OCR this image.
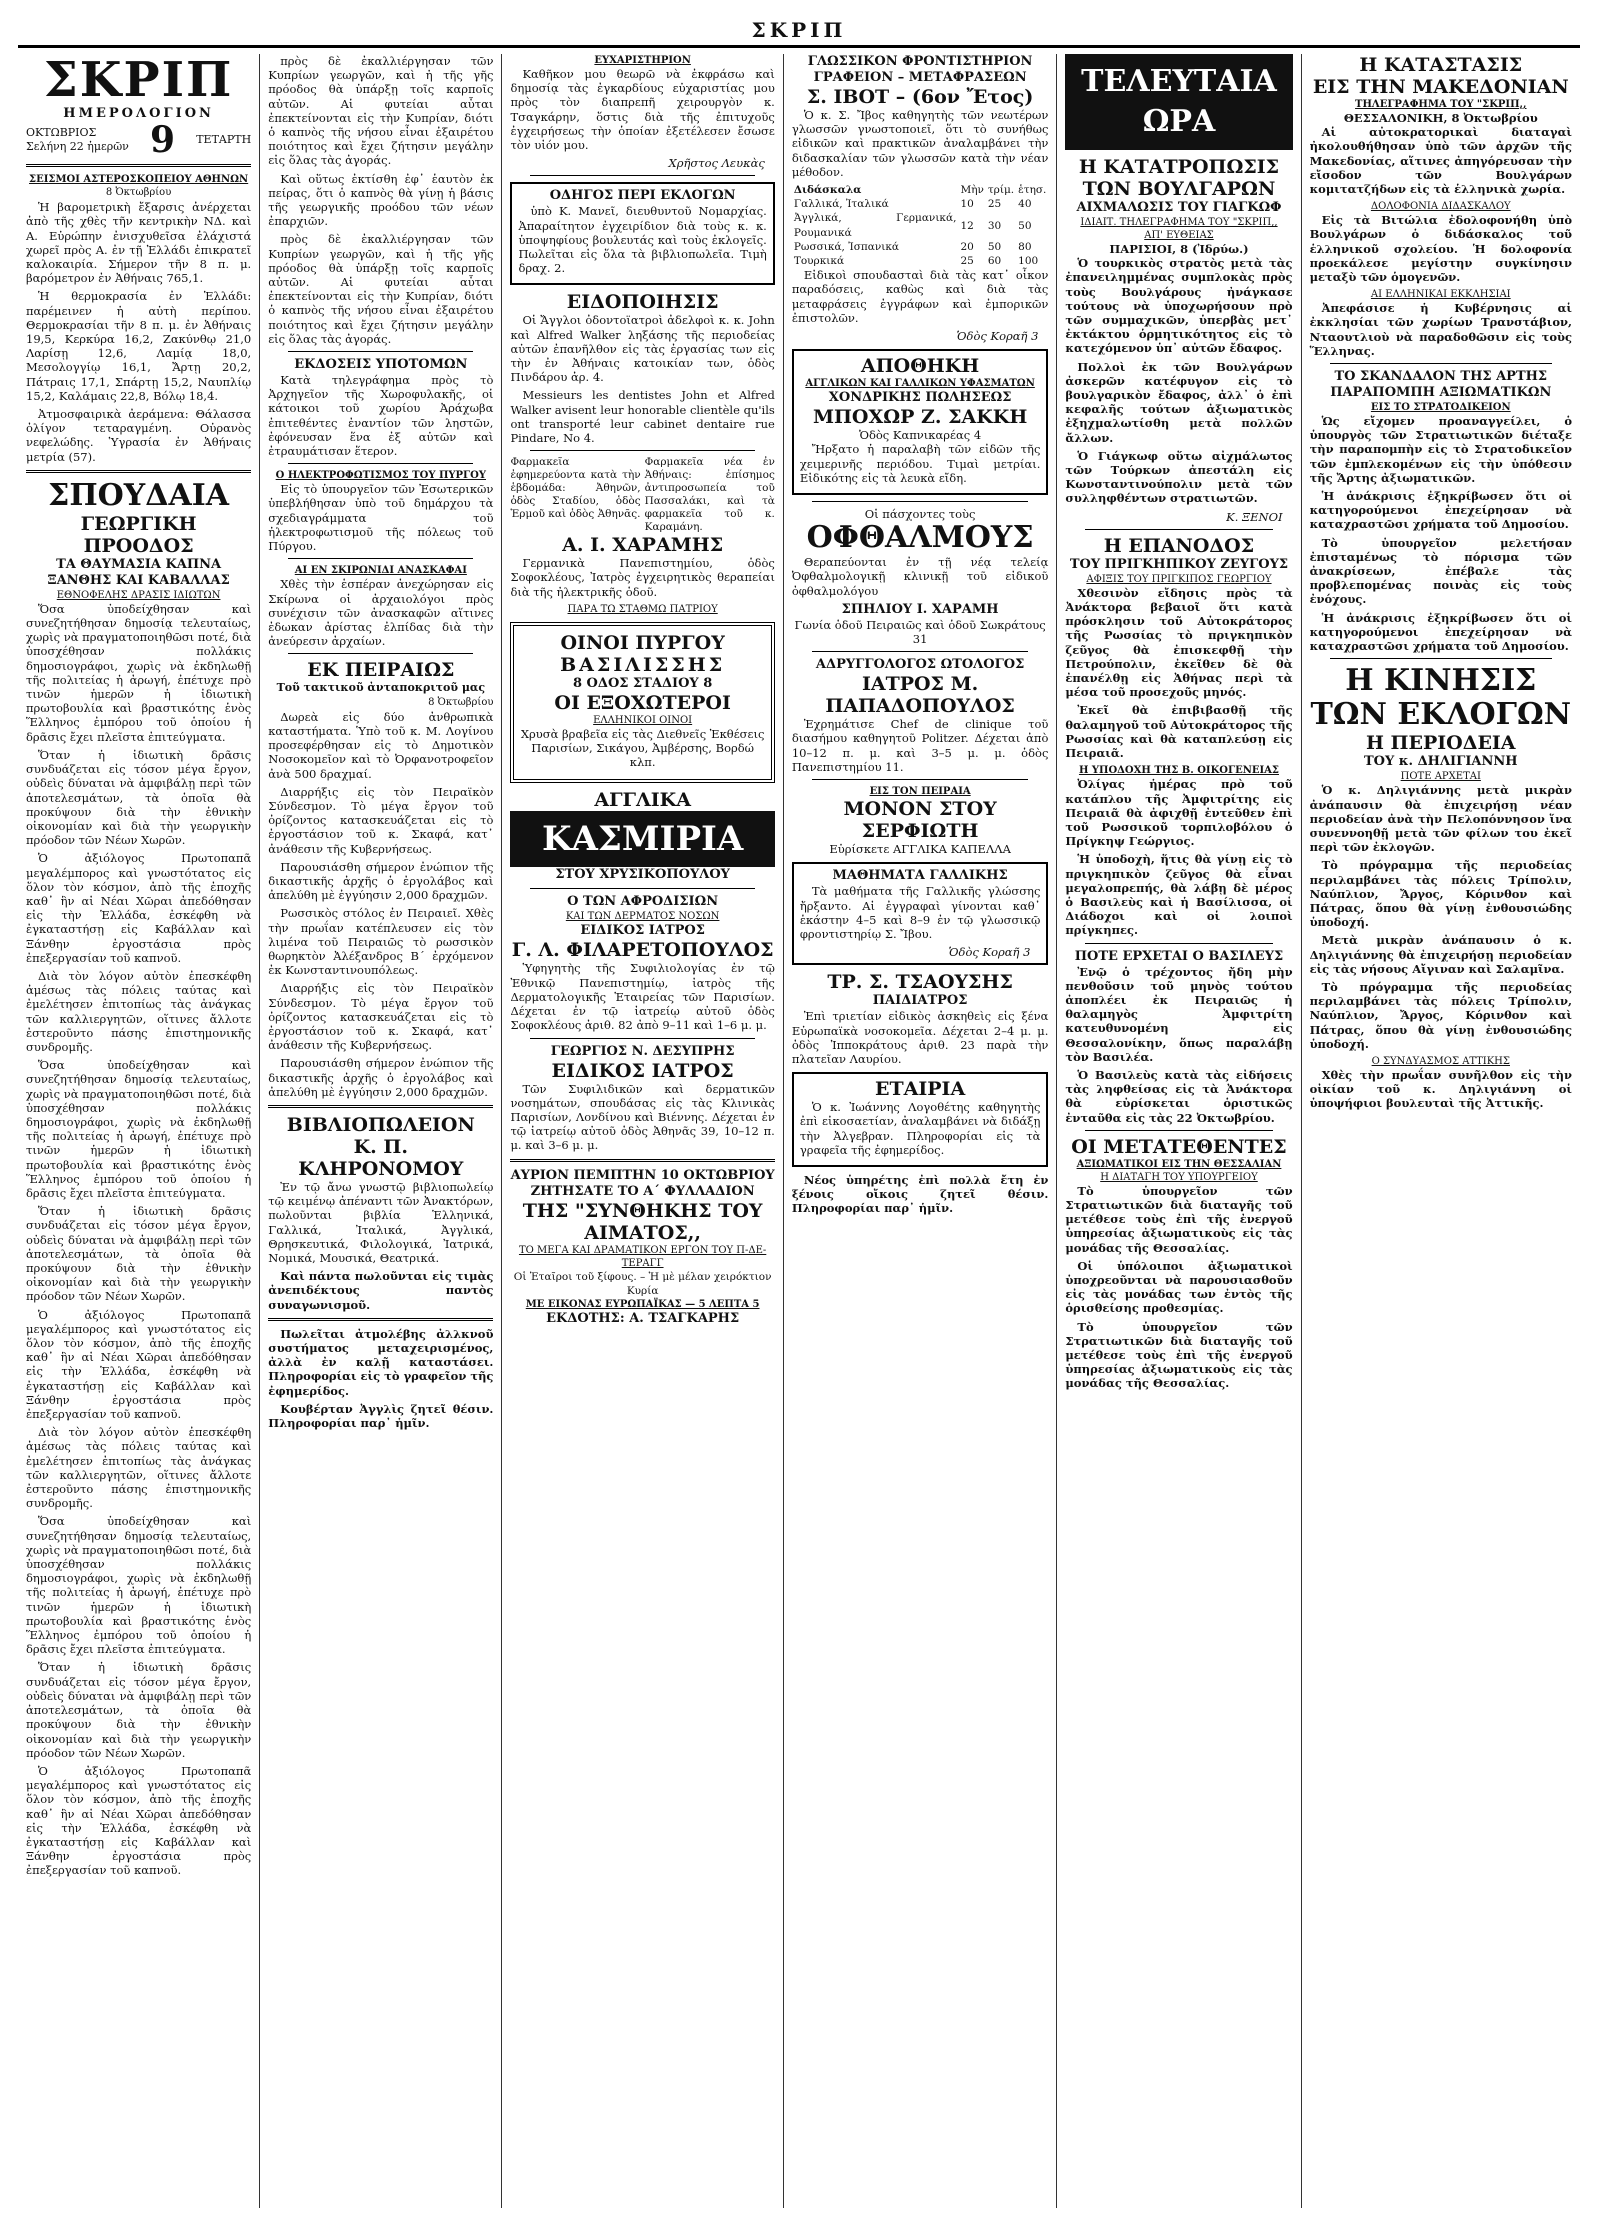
ΣΚΡΙΠ
ΣΚΡΙΠ
ΗΜΕΡΟΛΟΓΙΟΝ
ΟΚΤΩΒΡΙΟΣ
Σελήνη 22 ἡμερῶν 9 ΤΕΤΑΡΤΗ
ΣΕΙΣΜΟΙ ΑΣΤΕΡΟΣΚΟΠΕΙΟΥ ΑΘΗΝΩΝ
8 Ὀκτωβρίου

Ἡ βαρομετρικὴ ἔξαρσις ἀνέρχεται ἀπὸ τῆς χθὲς τῆν κεντρικὴν ΝΔ. καὶ Α. Εὐρώπην ἐνισχυθεῖσα ἐλάχιστά χωρεῖ πρὸς Α. ἐν τῇ Ἑλλάδι ἐπικρατεῖ καλοκαιρία. Σήμερον τῆν 8 π. μ. βαρόμετρον ἐν Ἀθήναις 765,1.

Ἡ θερμοκρασία ἐν Ἑλλάδι: παρέμεινεν ἡ αὐτὴ περίπου. Θερμοκρασίαι τῆν 8 π. μ. ἐν Ἀθήναις 19,5, Κερκύρα 16,2, Ζακύνθῳ 21,0 Λαρίσῃ 12,6, Λαμίᾳ 18,0, Μεσολογγίῳ 16,1, Ἄρτῃ 20,2, Πάτραις 17,1, Σπάρτῃ 15,2, Ναυπλίῳ 15,2, Καλάμαις 22,8, Βόλῳ 18,4.

Ἀτμοσφαιρικὰ ἀεράμενα: Θάλασσα ὀλίγον τεταραγμένη. Οὐρανὸς νεφελώδης. Ὑγρασία ἐν Ἀθήναις μετρία (57).

ΣΠΟΥΔΑΙΑ
ΓΕΩΡΓΙΚΗ ΠΡΟΟΔΟΣ
ΤΑ ΘΑΥΜΑΣΙΑ ΚΑΠΝΑ
ΞΑΝΘΗΣ ΚΑΙ ΚΑΒΑΛΛΑΣ
ΕΘΝΟΦΕΛΗΣ ΔΡΑΣΙΣ ΙΔΙΩΤΩΝ

Ὅσα ὑποδείχθησαν καὶ συνεζητήθησαν δημοσίᾳ τελευταίως, χωρὶς νὰ πραγματοποιηθῶσι ποτέ, διὰ ὑποσχέθησαν πολλάκις δημοσιογράφοι, χωρὶς νὰ ἐκδηλωθῇ τῆς πολιτείας ἡ ἀρωγή, ἐπέτυχε πρὸ τινῶν ἡμερῶν ἡ ἰδιωτικὴ πρωτοβουλία καὶ βραστικότης ἑνὸς Ἕλληνος ἐμπόρου τοῦ ὁποίου ἡ δρᾶσις ἔχει πλεῖστα ἐπιτεύγματα.

Ὅταν ἡ ἰδιωτικὴ δρᾶσις συνδυάζεται εἰς τόσον μέγα ἔργον, οὐδεὶς δύναται νὰ ἀμφιβάλῃ περὶ τῶν ἀποτελεσμάτων, τὰ ὁποῖα θὰ προκύψουν διὰ τὴν ἐθνικὴν οἰκονομίαν καὶ διὰ τὴν γεωργικὴν πρόοδον τῶν Νέων Χωρῶν.

Ὁ ἀξιόλογος Πρωτοπαπᾶ μεγαλέμπορος καὶ γνωστότατος εἰς ὅλον τὸν κόσμον, ἀπὸ τῆς ἐποχῆς καθ᾿ ἣν αἱ Νέαι Χῶραι ἀπεδόθησαν εἰς τὴν Ἑλλάδα, ἐσκέφθη νὰ ἐγκαταστήσῃ εἰς Καβάλλαν καὶ Ξάνθην ἐργοστάσια πρὸς ἐπεξεργασίαν τοῦ καπνοῦ.

Διὰ τὸν λόγον αὐτὸν ἐπεσκέφθη ἀμέσως τὰς πόλεις ταύτας καὶ ἐμελέτησεν ἐπιτοπίως τὰς ἀνάγκας τῶν καλλιεργητῶν, οἵτινες ἄλλοτε ἐστεροῦντο πάσης ἐπιστημονικῆς συνδρομῆς.

Ὅσα ὑποδείχθησαν καὶ συνεζητήθησαν δημοσίᾳ τελευταίως, χωρὶς νὰ πραγματοποιηθῶσι ποτέ, διὰ ὑποσχέθησαν πολλάκις δημοσιογράφοι, χωρὶς νὰ ἐκδηλωθῇ τῆς πολιτείας ἡ ἀρωγή, ἐπέτυχε πρὸ τινῶν ἡμερῶν ἡ ἰδιωτικὴ πρωτοβουλία καὶ βραστικότης ἑνὸς Ἕλληνος ἐμπόρου τοῦ ὁποίου ἡ δρᾶσις ἔχει πλεῖστα ἐπιτεύγματα.

Ὅταν ἡ ἰδιωτικὴ δρᾶσις συνδυάζεται εἰς τόσον μέγα ἔργον, οὐδεὶς δύναται νὰ ἀμφιβάλῃ περὶ τῶν ἀποτελεσμάτων, τὰ ὁποῖα θὰ προκύψουν διὰ τὴν ἐθνικὴν οἰκονομίαν καὶ διὰ τὴν γεωργικὴν πρόοδον τῶν Νέων Χωρῶν.

Ὁ ἀξιόλογος Πρωτοπαπᾶ μεγαλέμπορος καὶ γνωστότατος εἰς ὅλον τὸν κόσμον, ἀπὸ τῆς ἐποχῆς καθ᾿ ἣν αἱ Νέαι Χῶραι ἀπεδόθησαν εἰς τὴν Ἑλλάδα, ἐσκέφθη νὰ ἐγκαταστήσῃ εἰς Καβάλλαν καὶ Ξάνθην ἐργοστάσια πρὸς ἐπεξεργασίαν τοῦ καπνοῦ.

Διὰ τὸν λόγον αὐτὸν ἐπεσκέφθη ἀμέσως τὰς πόλεις ταύτας καὶ ἐμελέτησεν ἐπιτοπίως τὰς ἀνάγκας τῶν καλλιεργητῶν, οἵτινες ἄλλοτε ἐστεροῦντο πάσης ἐπιστημονικῆς συνδρομῆς.

Ὅσα ὑποδείχθησαν καὶ συνεζητήθησαν δημοσίᾳ τελευταίως, χωρὶς νὰ πραγματοποιηθῶσι ποτέ, διὰ ὑποσχέθησαν πολλάκις δημοσιογράφοι, χωρὶς νὰ ἐκδηλωθῇ τῆς πολιτείας ἡ ἀρωγή, ἐπέτυχε πρὸ τινῶν ἡμερῶν ἡ ἰδιωτικὴ πρωτοβουλία καὶ βραστικότης ἑνὸς Ἕλληνος ἐμπόρου τοῦ ὁποίου ἡ δρᾶσις ἔχει πλεῖστα ἐπιτεύγματα.

Ὅταν ἡ ἰδιωτικὴ δρᾶσις συνδυάζεται εἰς τόσον μέγα ἔργον, οὐδεὶς δύναται νὰ ἀμφιβάλῃ περὶ τῶν ἀποτελεσμάτων, τὰ ὁποῖα θὰ προκύψουν διὰ τὴν ἐθνικὴν οἰκονομίαν καὶ διὰ τὴν γεωργικὴν πρόοδον τῶν Νέων Χωρῶν.

Ὁ ἀξιόλογος Πρωτοπαπᾶ μεγαλέμπορος καὶ γνωστότατος εἰς ὅλον τὸν κόσμον, ἀπὸ τῆς ἐποχῆς καθ᾿ ἣν αἱ Νέαι Χῶραι ἀπεδόθησαν εἰς τὴν Ἑλλάδα, ἐσκέφθη νὰ ἐγκαταστήσῃ εἰς Καβάλλαν καὶ Ξάνθην ἐργοστάσια πρὸς ἐπεξεργασίαν τοῦ καπνοῦ.

πρὸς δὲ ἐκαλλιέργησαν τῶν Κυπρίων γεωργῶν, καὶ ἡ τῆς γῆς πρόοδος θὰ ὑπάρξῃ τοῖς καρποῖς αὐτῶν. Αἱ φυτείαι αὗται ἐπεκτείνονται εἰς τὴν Κυπρίαν, διότι ὁ καπνὸς τῆς νήσου εἶναι ἐξαιρέτου ποιότητος καὶ ἔχει ζήτησιν μεγάλην εἰς ὅλας τὰς ἀγοράς.

Καὶ οὕτως ἐκτίσθη ἐφ᾿ ἑαυτὸν ἐκ πείρας, ὅτι ὁ καπνὸς θὰ γίνῃ ἡ βάσις τῆς γεωργικῆς προόδου τῶν νέων ἐπαρχιῶν.

πρὸς δὲ ἐκαλλιέργησαν τῶν Κυπρίων γεωργῶν, καὶ ἡ τῆς γῆς πρόοδος θὰ ὑπάρξῃ τοῖς καρποῖς αὐτῶν. Αἱ φυτείαι αὗται ἐπεκτείνονται εἰς τὴν Κυπρίαν, διότι ὁ καπνὸς τῆς νήσου εἶναι ἐξαιρέτου ποιότητος καὶ ἔχει ζήτησιν μεγάλην εἰς ὅλας τὰς ἀγοράς.

ΕΚΔΟΣΕΙΣ ΥΠΟΤΟΜΩΝ

Κατὰ τηλεγράφημα πρὸς τὸ Ἀρχηγεῖον τῆς Χωροφυλακῆς, οἱ κάτοικοι τοῦ χωρίου Ἀράχωβα ἐπιτεθέντες ἐναντίον τῶν ληστῶν, ἐφόνευσαν ἕνα ἐξ αὐτῶν καὶ ἐτραυμάτισαν ἕτερον.

Ο ΗΛΕΚΤΡΟΦΩΤΙΣΜΟΣ ΤΟΥ ΠΥΡΓΟΥ

Εἰς τὸ ὑπουργεῖον τῶν Ἐσωτερικῶν ὑπεβλήθησαν ὑπὸ τοῦ δημάρχου τὰ σχεδιαγράμματα τοῦ ἠλεκτροφωτισμοῦ τῆς πόλεως τοῦ Πύργου.

ΑΙ ΕΝ ΣΚΙΡΩΝΙΔΙ ΑΝΑΣΚΑΦΑΙ

Χθὲς τὴν ἑσπέραν ἀνεχώρησαν εἰς Σκίρωνα οἱ ἀρχαιολόγοι πρὸς συνέχισιν τῶν ἀνασκαφῶν αἵτινες ἐδωκαν ἀρίστας ἐλπίδας διὰ τὴν ἀνεύρεσιν ἀρχαίων.

ΕΚ ΠΕΙΡΑΙΩΣ
Τοῦ τακτικοῦ ἀνταποκριτοῦ μας
8 Ὀκτωβρίου

Δωρεὰ εἰς δύο ἀνθρωπικὰ καταστήματα. Ὑπὸ τοῦ κ. Μ. Λογίνου προσεφέρθησαν εἰς τὸ Δημοτικὸν Νοσοκομεῖον καὶ τὸ Ὀρφανοτροφεῖον ἀνὰ 500 δραχμαί.

Διαρρήξις εἰς τὸν Πειραϊκὸν Σύνδεσμον. Τὸ μέγα ἔργον τοῦ ὀρίζοντος κατασκευάζεται εἰς τὸ ἐργοστάσιον τοῦ κ. Σκαφά, κατ᾿ ἀνάθεσιν τῆς Κυβερνήσεως.

Παρουσιάσθη σήμερον ἐνώπιον τῆς δικαστικῆς ἀρχῆς ὁ ἐργολάβος καὶ ἀπελύθη μὲ ἐγγύησιν 2,000 δραχμῶν.

Ρωσσικὸς στόλος ἐν Πειραιεῖ. Χθὲς τὴν πρωΐαν κατέπλευσεν εἰς τὸν λιμένα τοῦ Πειραιῶς τὸ ρωσσικὸν θωρηκτὸν Ἀλέξανδρος Β΄ ἐρχόμενον ἐκ Κωνσταντινουπόλεως.

Διαρρήξις εἰς τὸν Πειραϊκὸν Σύνδεσμον. Τὸ μέγα ἔργον τοῦ ὀρίζοντος κατασκευάζεται εἰς τὸ ἐργοστάσιον τοῦ κ. Σκαφά, κατ᾿ ἀνάθεσιν τῆς Κυβερνήσεως.

Παρουσιάσθη σήμερον ἐνώπιον τῆς δικαστικῆς ἀρχῆς ὁ ἐργολάβος καὶ ἀπελύθη μὲ ἐγγύησιν 2,000 δραχμῶν.

ΒΙΒΛΙΟΠΩΛΕΙΟΝ
Κ. Π. ΚΛΗΡΟΝΟΜΟΥ

Ἐν τῷ ἄνω γνωστῷ βιβλιοπωλείῳ τῷ κειμένῳ ἀπέναντι τῶν Ἀνακτόρων, πωλοῦνται βιβλία Ἑλληνικά, Γαλλικά, Ἰταλικά, Ἀγγλικά, Θρησκευτικά, Φιλολογικά, Ἰατρικά, Νομικά, Μουσικά, Θεατρικά.

Καὶ πάντα πωλοῦνται εἰς τιμὰς ἀνεπιδέκτους παντὸς συναγωνισμοῦ.

Πωλεῖται ἀτμολέβης ἀλλκνοῦ συστήματος μεταχειρισμένος, ἀλλὰ ἐν καλῇ καταστάσει. Πληροφορίαι εἰς τὸ γραφεῖον τῆς ἐφημερίδος.

Κουβέρταν Ἀγγλὶς ζητεῖ θέσιν. Πληροφορίαι παρ᾿ ἡμῖν.

ΕΥΧΑΡΙΣΤΗΡΙΟΝ

Καθῆκον μου θεωρῶ νὰ ἐκφράσω καὶ δημοσίᾳ τὰς ἐγκαρδίους εὐχαριστίας μου πρὸς τὸν διαπρεπῆ χειρουργὸν κ. Τσαγκάρην, ὅστις διὰ τῆς ἐπιτυχοῦς ἐγχειρήσεως τὴν ὁποίαν ἐξετέλεσεν ἔσωσε τὸν υἱόν μου.

Χρῆστος Λευκὰς
ΟΔΗΓΟΣ ΠΕΡΙ ΕΚΛΟΓΩΝ

ὑπὸ Κ. Μανεῖ, διευθυντοῦ Νομαρχίας. Ἀπαραίτητον ἐγχειρίδιον διὰ τοὺς κ. κ. ὑποψηφίους βουλευτάς καὶ τοὺς ἐκλογεῖς. Πωλεῖται εἰς ὅλα τὰ βιβλιοπωλεῖα. Τιμὴ δραχ. 2.

ΕΙΔΟΠΟΙΗΣΙΣ

Οἱ Ἄγγλοι ὀδοντοϊατροὶ ἀδελφοὶ κ. κ. John καὶ Alfred Walker ληξάσης τῆς περιοδείας αὐτῶν ἐπανῆλθον εἰς τὰς ἐργασίας των εἰς τὴν ἐν Ἀθήναις κατοικίαν των, ὁδὸς Πινδάρου ἀρ. 4.

Messieurs les dentistes John et Alfred Walker avisent leur honorable clientèle qu'ils ont transporté leur cabinet dentaire rue Pindare, No 4.

Φαρμακεῖα ἐφημερεύοντα κατὰ τὴν ἑβδομάδα: Ἀθηνῶν, ὁδὸς Σταδίου, ὁδὸς Ἑρμοῦ καὶ ὁδὸς Ἀθηνᾶς.
Φαρμακεῖα νέα ἐν Ἀθήναις: ἐπίσημος ἀντιπροσωπεία τοῦ Πασσαλάκι, καὶ τὰ φαρμακεῖα τοῦ κ. Καραμάνη.
Α. Ι. ΧΑΡΑΜΗΣ

Γερμανικὰ Πανεπιστημίου, ὁδὸς Σοφοκλέους, Ἰατρὸς ἐγχειρητικὸς θεραπείαι διὰ τῆς ἠλεκτρικῆς ὁδοῦ.

ΠΑΡΑ ΤΩ ΣΤΑΘΜΩ ΠΑΤΡΙΟΥ
ΟΙΝΟΙ ΠΥΡΓΟΥ
ΒΑΣΙΛΙΣΣΗΣ
8 ΟΔΟΣ ΣΤΑΔΙΟΥ 8
ΟΙ ΕΞΟΧΩΤΕΡΟΙ
ΕΛΛΗΝΙΚΟΙ ΟΙΝΟΙ

Χρυσὰ βραβεῖα εἰς τὰς Διεθνεῖς Ἐκθέσεις Παρισίων, Σικάγου, Ἀμβέρσης, Βορδώ κλπ.

ΑΓΓΛΙΚΑ
ΚΑΣΜΙΡΙΑ
ΣΤΟΥ ΧΡΥΣΙΚΟΠΟΥΛΟΥ
Ο ΤΩΝ ΑΦΡΟΔΙΣΙΩΝ
ΚΑΙ ΤΩΝ ΔΕΡΜΑΤΟΣ ΝΟΣΩΝ
ΕΙΔΙΚΟΣ ΙΑΤΡΟΣ
Γ. Λ. ΦΙΛΑΡΕΤΟΠΟΥΛΟΣ

Ὑφηγητὴς τῆς Συφιλιολογίας ἐν τῷ Ἐθνικῷ Πανεπιστημίῳ, ἰατρὸς τῆς Δερματολογικῆς Ἑταιρείας τῶν Παρισίων. Δέχεται ἐν τῷ ἰατρείῳ αὐτοῦ ὁδὸς Σοφοκλέους ἀριθ. 82 ἀπὸ 9–11 καὶ 1–6 μ. μ.

ΓΕΩΡΓΙΟΣ Ν. ΔΕΣΥΠΡΗΣ
ΕΙΔΙΚΟΣ ΙΑΤΡΟΣ

Τῶν Συφιλιδικῶν καὶ δερματικῶν νοσημάτων, σπουδάσας εἰς τὰς Κλινικὰς Παρισίων, Λονδίνου καὶ Βιέννης. Δέχεται ἐν τῷ ἰατρείῳ αὐτοῦ ὁδὸς Ἀθηνᾶς 39, 10–12 π. μ. καὶ 3–6 μ. μ.

ΑΥΡΙΟΝ ΠΕΜΠΤΗΝ 10 ΟΚΤΩΒΡΙΟΥ
ΖΗΤΗΣΑΤΕ ΤΟ Α΄ ΦΥΛΛΑΔΙΟΝ
ΤΗΣ "ΣΥΝΘΗΚΗΣ ΤΟΥ ΑΙΜΑΤΟΣ,,
ΤΟ ΜΕΓΑ ΚΑΙ ΔΡΑΜΑΤΙΚΟΝ ΕΡΓΟΝ ΤΟΥ Π-ΔΕ-ΤΕΡΑΓΓ
Οἱ Ἑταῖροι τοῦ ξίφους. – Ἡ μὲ μέλαν χειρόκτιον Κυρία
ΜΕ ΕΙΚΟΝΑΣ ΕΥΡΩΠΑΪΚΑΣ — 5 ΛΕΠΤΑ 5
ΕΚΔΟΤΗΣ: Α. ΤΣΑΓΚΑΡΗΣ
ΓΛΩΣΣΙΚΟΝ ΦΡΟΝΤΙΣΤΗΡΙΟΝ
ΓΡΑΦΕΙΟΝ – ΜΕΤΑΦΡΑΣΕΩΝ
Σ. ΙΒΟΤ – (6ον Ἔτος)

Ὁ κ. Σ. Ἴβος καθηγητὴς τῶν νεωτέρων γλωσσῶν γνωστοποιεῖ, ὅτι τὸ συνήθως εἰδικῶν καὶ πρακτικῶν ἀναλαμβάνει τὴν διδασκαλίαν τῶν γλωσσῶν κατὰ τὴν νέαν μέθοδον.

Διδάσκαλα	Μὴν	τρίμ.	ἑτησ.
Γαλλικά, Ἰταλικά	10	25	40
Ἀγγλικά, Γερμανικά, Ρουμανικά	12	30	50
Ρωσσικά, Ἰσπανικά	20	50	80
Τουρκικά	25	60	100

Εἰδικοὶ σπουδασταὶ διὰ τὰς κατ᾿ οἶκον παραδόσεις, καθὼς καὶ διὰ τὰς μεταφράσεις ἐγγράφων καὶ ἐμπορικῶν ἐπιστολῶν.

Ὁδὸς Κοραῆ 3
ΑΠΟΘΗΚΗ
ΑΓΓΛΙΚΩΝ ΚΑΙ ΓΑΛΛΙΚΩΝ ΥΦΑΣΜΑΤΩΝ
ΧΟΝΔΡΙΚΗΣ ΠΩΛΗΣΕΩΣ
ΜΠΟΧΩΡ Ζ. ΣΑΚΚΗ
Ὁδὸς Καπνικαρέας 4

Ἤρξατο ἡ παραλαβὴ τῶν εἰδῶν τῆς χειμερινῆς περιόδου. Τιμαὶ μετρίαι. Εἰδικότης εἰς τὰ λευκὰ εἴδη.

Οἱ πάσχοντες τοὺς
ΟΦΘΑΛΜΟΥΣ

Θεραπεύονται ἐν τῇ νέᾳ τελείᾳ Ὀφθαλμολογικῇ κλινικῇ τοῦ εἰδικοῦ ὀφθαλμολόγου

ΣΠΗΛΙΟΥ Ι. ΧΑΡΑΜΗ
Γωνία ὁδοῦ Πειραιῶς καὶ ὁδοῦ Σωκράτους 31
ΑΔΡΥΓΓΟΛΟΓΟΣ ΩΤΟΛΟΓΟΣ
ΙΑΤΡΟΣ Μ. ΠΑΠΑΔΟΠΟΥΛΟΣ

Ἐχρημάτισε Chef de clinique τοῦ διασήμου καθηγητοῦ Politzer. Δέχεται ἀπὸ 10–12 π. μ. καὶ 3–5 μ. μ. ὁδὸς Πανεπιστημίου 11.

ΕΙΣ ΤΟΝ ΠΕΙΡΑΙΑ
ΜΟΝΟΝ ΣΤΟΥ ΣΕΡΦΙΩΤΗ
Εὑρίσκετε ΑΓΓΛΙΚΑ ΚΑΠΕΛΛΑ
ΜΑΘΗΜΑΤΑ ΓΑΛΛΙΚΗΣ

Τὰ μαθήματα τῆς Γαλλικῆς γλώσσης ἤρξαντο. Αἱ ἐγγραφαὶ γίνονται καθ᾿ ἑκάστην 4–5 καὶ 8–9 ἐν τῷ γλωσσικῷ φροντιστηρίῳ Σ. Ἴβου.

Ὁδὸς Κοραῆ 3
ΤΡ. Σ. ΤΣΑΟΥΣΗΣ
ΠΑΙΔΙΑΤΡΟΣ

Ἐπὶ τριετίαν εἰδικὸς ἀσκηθεὶς εἰς ξένα Εὐρωπαϊκὰ νοσοκομεῖα. Δέχεται 2–4 μ. μ. ὁδὸς Ἱπποκράτους ἀριθ. 23 παρὰ τὴν πλατεῖαν Λαυρίου.

ΕΤΑΙΡΙΑ

Ὁ κ. Ἰωάννης Λογοθέτης καθηγητὴς ἐπὶ εἰκοσαετίαν, ἀναλαμβάνει νὰ διδάξῃ τὴν Ἀλγεβραν. Πληροφορίαι εἰς τὰ γραφεῖα τῆς ἐφημερίδος.

Νέος ὑπηρέτης ἐπὶ πολλὰ ἔτη ἐν ξένοις οἴκοις ζητεῖ θέσιν. Πληροφορίαι παρ᾿ ἡμῖν.

ΤΕΛΕΥΤΑΙΑ ΩΡΑ
Η ΚΑΤΑΤΡΟΠΩΣΙΣ
ΤΩΝ ΒΟΥΛΓΑΡΩΝ
ΑΙΧΜΑΛΩΣΙΣ ΤΟΥ ΓΙΑΓΚΩΦ
ΙΔΙΑΙΤ. ΤΗΛΕΓΡΑΦΗΜΑ ΤΟΥ "ΣΚΡΙΠ,,
ΑΠ' ΕΥΘΕΙΑΣ
ΠΑΡΙΣΙΟΙ, 8 (Ἰδρύω.)

Ὁ τουρκικὸς στρατὸς μετὰ τὰς ἐπανειλημμένας συμπλοκὰς πρὸς τοὺς Βουλγάρους ἠνάγκασε τούτους νὰ ὑποχωρήσουν πρὸ τῶν συμμαχικῶν, ὑπερβὰς μετ᾿ ἐκτάκτου ὁρμητικότητος εἰς τὸ κατεχόμενον ὑπ᾿ αὐτῶν ἔδαφος.

Πολλοὶ ἐκ τῶν Βουλγάρων ἀσκερῶν κατέφυγον εἰς τὸ βουλγαρικὸν ἔδαφος, ἀλλ᾿ ὁ ἐπὶ κεφαλῆς τούτων ἀξιωματικὸς ἐξηχμαλωτίσθη μετὰ πολλῶν ἄλλων.

Ὁ Γιάγκωφ οὕτω αἰχμάλωτος τῶν Τούρκων ἀπεστάλη εἰς Κωνσταντινούπολιν μετὰ τῶν συλληφθέντων στρατιωτῶν.

Κ. ΞΕΝΟΙ
Η ΕΠΑΝΟΔΟΣ
ΤΟΥ ΠΡΙΓΚΗΠΙΚΟΥ ΖΕΥΓΟΥΣ
ΑΦΙΞΙΣ ΤΟΥ ΠΡΙΓΚΙΠΟΣ ΓΕΩΡΓΙΟΥ

Χθεσινὸν εἴδησις πρὸς τὰ Ἀνάκτορα βεβαιοῖ ὅτι κατὰ πρόσκλησιν τοῦ Αὐτοκράτορος τῆς Ρωσσίας τὸ πριγκηπικὸν ζεῦγος θὰ ἐπισκεφθῇ τὴν Πετρούπολιν, ἐκεῖθεν δὲ θὰ ἐπανέλθῃ εἰς Ἀθήνας περὶ τὰ μέσα τοῦ προσεχοῦς μηνός.

Ἐκεῖ θὰ ἐπιβιβασθῇ τῆς θαλαμηγοῦ τοῦ Αὐτοκράτορος τῆς Ρωσσίας καὶ θὰ καταπλεύσῃ εἰς Πειραιᾶ.

Η ΥΠΟΔΟΧΗ ΤΗΣ Β. ΟΙΚΟΓΕΝΕΙΑΣ

Ὀλίγας ἡμέρας πρὸ τοῦ κατάπλου τῆς Ἀμφιτρίτης εἰς Πειραιᾶ θὰ ἀφιχθῇ ἐντεῦθεν ἐπὶ τοῦ Ρωσσικοῦ τορπιλοβόλου ὁ Πρίγκηψ Γεώργιος.

Ἡ ὑποδοχὴ, ἥτις θὰ γίνῃ εἰς τὸ πριγκηπικὸν ζεῦγος θὰ εἶναι μεγαλοπρεπής, θὰ λάβῃ δὲ μέρος ὁ Βασιλεὺς καὶ ἡ Βασίλισσα, οἱ Διάδοχοι καὶ οἱ λοιποὶ πρίγκηπες.

ΠΟΤΕ ΕΡΧΕΤΑΙ Ο ΒΑΣΙΛΕΥΣ

Ἐνῷ ὁ τρέχοντος ἤδη μὴν πενθοῦσιν τοῦ μηνὸς τούτου ἀποπλέει ἐκ Πειραιῶς ἡ θαλαμηγὸς Ἀμφιτρίτη κατευθυνομένη εἰς Θεσσαλονίκην, ὅπως παραλάβῃ τὸν Βασιλέα.

Ὁ Βασιλεὺς κατὰ τὰς εἰδήσεις τὰς ληφθείσας εἰς τὰ Ἀνάκτορα θὰ εὑρίσκεται ὁριστικῶς ἐνταῦθα εἰς τὰς 22 Ὀκτωβρίου.

ΟΙ ΜΕΤΑΤΕΘΕΝΤΕΣ
ΑΞΙΩΜΑΤΙΚΟΙ ΕΙΣ ΤΗΝ ΘΕΣΣΑΛΙΑΝ
Η ΔΙΑΤΑΓΗ ΤΟΥ ΥΠΟΥΡΓΕΙΟΥ

Τὸ ὑπουργεῖον τῶν Στρατιωτικῶν διὰ διαταγῆς τοῦ μετέθεσε τοὺς ἐπὶ τῆς ἐνεργοῦ ὑπηρεσίας ἀξιωματικοὺς εἰς τὰς μονάδας τῆς Θεσσαλίας.

Οἱ ὑπόλοιποι ἀξιωματικοὶ ὑποχρεοῦνται νὰ παρουσιασθοῦν εἰς τὰς μονάδας των ἐντὸς τῆς ὁρισθείσης προθεσμίας.

Τὸ ὑπουργεῖον τῶν Στρατιωτικῶν διὰ διαταγῆς τοῦ μετέθεσε τοὺς ἐπὶ τῆς ἐνεργοῦ ὑπηρεσίας ἀξιωματικοὺς εἰς τὰς μονάδας τῆς Θεσσαλίας.

Η ΚΑΤΑΣΤΑΣΙΣ
ΕΙΣ ΤΗΝ ΜΑΚΕΔΟΝΙΑΝ
ΤΗΛΕΓΡΑΦΗΜΑ ΤΟΥ "ΣΚΡΙΠ,,
ΘΕΣΣΑΛΟΝΙΚΗ, 8 Ὀκτωβρίου

Αἱ αὐτοκρατορικαὶ διαταγαὶ ἠκολουθήθησαν ὑπὸ τῶν ἀρχῶν τῆς Μακεδονίας, αἵτινες ἀπηγόρευσαν τὴν εἴσοδον τῶν Βουλγάρων κομιτατζήδων εἰς τὰ ἑλληνικὰ χωρία.

ΔΟΛΟΦΟΝΙΑ ΔΙΔΑΣΚΑΛΟΥ

Εἰς τὰ Βιτώλια ἐδολοφονήθη ὑπὸ Βουλγάρων ὁ διδάσκαλος τοῦ ἑλληνικοῦ σχολείου. Ἡ δολοφονία προεκάλεσε μεγίστην συγκίνησιν μεταξὺ τῶν ὁμογενῶν.

ΑΙ ΕΛΛΗΝΙΚΑΙ ΕΚΚΛΗΣΙΑΙ

Ἀπεφάσισε ἡ Κυβέρνησις αἱ ἐκκλησίαι τῶν χωρίων Τρανστάβιον, Νταουτλιοὺ νὰ παραδοθῶσιν εἰς τοὺς Ἕλληνας.

ΤΟ ΣΚΑΝΔΑΛΟΝ ΤΗΣ ΑΡΤΗΣ
ΠΑΡΑΠΟΜΠΗ ΑΞΙΩΜΑΤΙΚΩΝ
ΕΙΣ ΤΟ ΣΤΡΑΤΟΔΙΚΕΙΟΝ

Ὡς εἴχομεν προαναγγείλει, ὁ ὑπουργὸς τῶν Στρατιωτικῶν διέταξε τὴν παραπομπὴν εἰς τὸ Στρατοδικεῖον τῶν ἐμπλεκομένων εἰς τὴν ὑπόθεσιν τῆς Ἄρτης ἀξιωματικῶν.

Ἡ ἀνάκρισις ἐξηκρίβωσεν ὅτι οἱ κατηγορούμενοι ἐπεχείρησαν νὰ καταχραστῶσι χρήματα τοῦ Δημοσίου.

Τὸ ὑπουργεῖον μελετήσαν ἐπισταμένως τὸ πόρισμα τῶν ἀνακρίσεων, ἐπέβαλε τὰς προβλεπομένας ποινὰς εἰς τοὺς ἐνόχους.

Ἡ ἀνάκρισις ἐξηκρίβωσεν ὅτι οἱ κατηγορούμενοι ἐπεχείρησαν νὰ καταχραστῶσι χρήματα τοῦ Δημοσίου.

Η ΚΙΝΗΣΙΣ
ΤΩΝ ΕΚΛΟΓΩΝ
Η ΠΕΡΙΟΔΕΙΑ
ΤΟΥ κ. ΔΗΛΙΓΙΑΝΝΗ
ΠΟΤΕ ΑΡΧΕΤΑΙ

Ὁ κ. Δηλιγιάννης μετὰ μικρὰν ἀνάπαυσιν θὰ ἐπιχειρήσῃ νέαν περιοδείαν ἀνὰ τὴν Πελοπόννησον ἵνα συνεννοηθῇ μετὰ τῶν φίλων του ἐκεῖ περὶ τῶν ἐκλογῶν.

Τὸ πρόγραμμα τῆς περιοδείας περιλαμβάνει τὰς πόλεις Τρίπολιν, Ναύπλιον, Ἄργος, Κόρινθον καὶ Πάτρας, ὅπου θὰ γίνῃ ἐνθουσιώδης ὑποδοχή.

Μετὰ μικρὰν ἀνάπαυσιν ὁ κ. Δηλιγιάννης θὰ ἐπιχειρήσῃ περιοδείαν εἰς τὰς νήσους Αἴγιναν καὶ Σαλαμῖνα.

Τὸ πρόγραμμα τῆς περιοδείας περιλαμβάνει τὰς πόλεις Τρίπολιν, Ναύπλιον, Ἄργος, Κόρινθον καὶ Πάτρας, ὅπου θὰ γίνῃ ἐνθουσιώδης ὑποδοχή.

Ο ΣΥΝΔΥΑΣΜΟΣ ΑΤΤΙΚΗΣ

Χθὲς τὴν πρωΐαν συνῆλθον εἰς τὴν οἰκίαν τοῦ κ. Δηλιγιάννη οἱ ὑποψήφιοι βουλευταὶ τῆς Ἀττικῆς.
